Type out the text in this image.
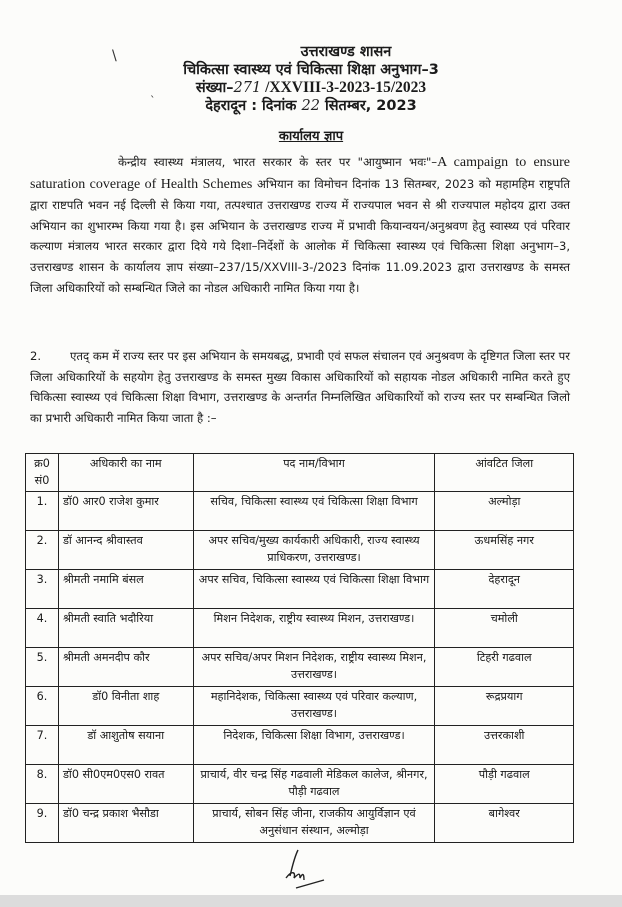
\
`
उत्तराखण्ड शासन
चिकित्सा स्वास्थ्य एवं चिकित्सा शिक्षा अनुभाग–3
संख्या–271 /XXVIII-3-2023-15/2023
देहरादून : दिनांक 22 सितम्बर, 2023
कार्यालय ज्ञाप
केन्द्रीय स्वास्थ्य मंत्रालय, भारत सरकार के स्तर पर "आयुष्मान भवः"–A campaign to ensure saturation coverage of Health Schemes अभियान का विमोचन दिनांक 13 सितम्बर, 2023 को महामहिम राष्ट्रपति द्वारा राष्टपति भवन नई दिल्ली से किया गया, तत्पश्चात उत्तराखण्ड राज्य में राज्यपाल भवन से श्री राज्यपाल महोदय द्वारा उक्त अभियान का शुभारम्भ किया गया है। इस अभियान के उत्तराखण्ड राज्य में प्रभावी कियान्वयन/अनुश्रवण हेतु स्वास्थ्य एवं परिवार कल्याण मंत्रालय भारत सरकार द्वारा दिये गये दिशा–निर्देशों के आलोक में चिकित्सा स्वास्थ्य एवं चिकित्सा शिक्षा अनुभाग–3, उत्तराखण्ड शासन के कार्यालय ज्ञाप संख्या–237/15/XXVIII-3-/2023 दिनांक 11.09.2023 द्वारा उत्तराखण्ड के समस्त जिला अधिकारियों को सम्बन्धित जिले का नोडल अधिकारी नामित किया गया है।
2. एतद् कम में राज्य स्तर पर इस अभियान के समयबद्ध, प्रभावी एवं सफल संचालन एवं अनुश्रवण के दृष्टिगत जिला स्तर पर जिला अधिकारियों के सहयोग हेतु उत्तराखण्ड के समस्त मुख्य विकास अधिकारियों को सहायक नोडल अधिकारी नामित करते हुए चिकित्सा स्वास्थ्य एवं चिकित्सा शिक्षा विभाग, उत्तराखण्ड के अन्तर्गत निम्नलिखित अधिकारियों को राज्य स्तर पर सम्बन्धित जिलो का प्रभारी अधिकारी नामित किया जाता है :–
क्र0 सं0	अधिकारी का नाम	पद नाम/विभाग	आंवटित जिला
1.	डॉ0 आर0 राजेश कुमार	सचिव, चिकित्सा स्वास्थ्य एवं चिकित्सा शिक्षा विभाग	अल्मोड़ा
2.	डॉ आनन्द श्रीवास्तव	अपर सचिव/मुख्य कार्यकारी अधिकारी, राज्य स्वास्थ्य प्राधिकरण, उत्तराखण्ड।	ऊधमसिंह नगर
3.	श्रीमती नमामि बंसल	अपर सचिव, चिकित्सा स्वास्थ्य एवं चिकित्सा शिक्षा विभाग	देहरादून
4.	श्रीमती स्वाति भदौरिया	मिशन निदेशक, राष्ट्रीय स्वास्थ्य मिशन, उत्तराखण्ड।	चमोली
5.	श्रीमती अमनदीप कौर	अपर सचिव/अपर मिशन निदेशक, राष्ट्रीय स्वास्थ्य मिशन, उत्तराखण्ड।	टिहरी गढवाल
6.	डॉ0 विनीता शाह	महानिदेशक, चिकित्सा स्वास्थ्य एवं परिवार कल्याण, उत्तराखण्ड।	रूद्रप्रयाग
7.	डॉ आशुतोष सयाना	निदेशक, चिकित्सा शिक्षा विभाग, उत्तराखण्ड।	उत्तरकाशी
8.	डॉ0 सी0एम0एस0 रावत	प्राचार्य, वीर चन्द्र सिंह गढवाली मेडिकल कालेज, श्रीनगर, पौड़ी गढवाल	पौड़ी गढवाल
9.	डॉ0 चन्द्र प्रकाश भैसौडा	प्राचार्य, सोबन सिंह जीना, राजकीय आयुर्विज्ञान एवं अनुसंधान संस्थान, अल्मोड़ा	बागेश्वर
